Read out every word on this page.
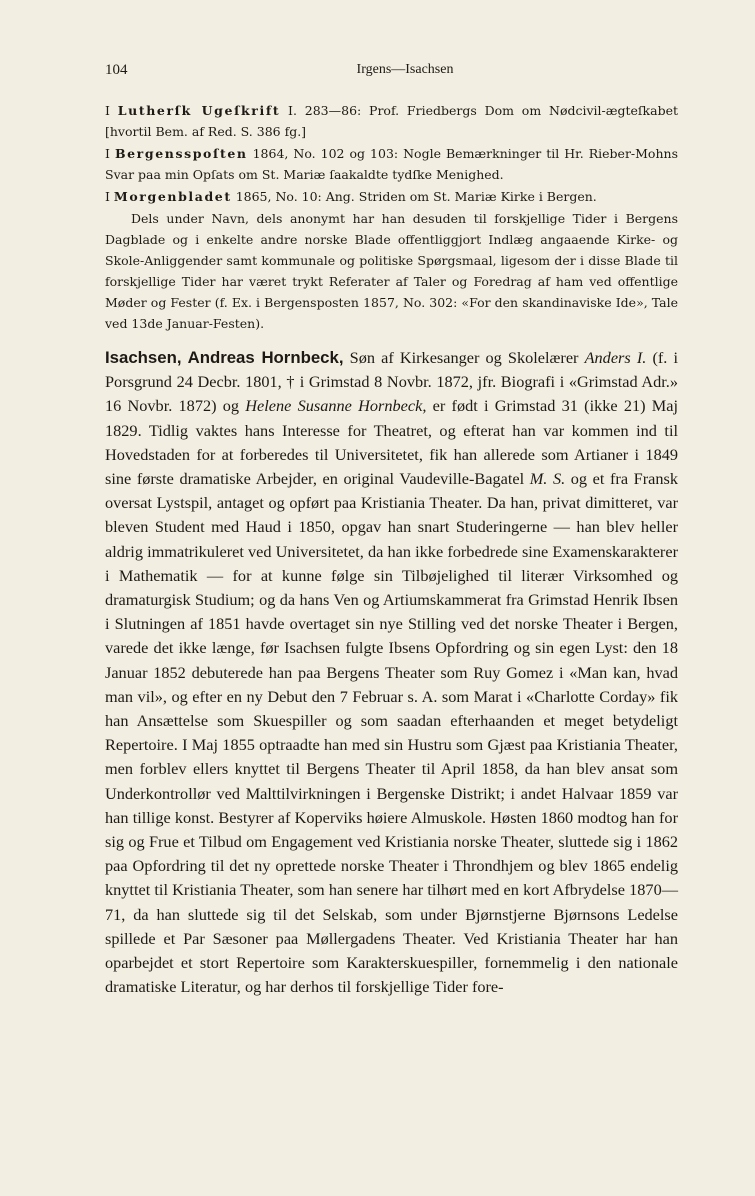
104	Irgens—Isachsen

I Lutherſk Ugeſkrift I. 283—86: Prof. Friedbergs Dom om Nødcivil-ægteſkabet [hvortil Bem. af Red. S. 386 fg.]

I Bergensspoſten 1864, No. 102 og 103: Nogle Bemærkninger til Hr. Rieber-Mohns Svar paa min Opſats om St. Mariæ ſaakaldte tydſke Menighed.

I Morgenbladet 1865, No. 10: Ang. Striden om St. Mariæ Kirke i Bergen.

Dels under Navn, dels anonymt har han desuden til forskjellige Tider i Bergens Dagblade og i enkelte andre norske Blade offentliggjort Indlæg angaaende Kirke- og Skole-Anliggender samt kommunale og politiske Spørgsmaal, ligesom der i disse Blade til forskjellige Tider har været trykt Referater af Taler og Foredrag af ham ved offentlige Møder og Fester (f. Ex. i Bergensposten 1857, No. 302: «For den skandinaviske Ide», Tale ved 13de Januar-Festen).

Isachsen, Andreas Hornbeck, Søn af Kirkesanger og Skolelærer Anders I. (f. i Porsgrund 24 Decbr. 1801, † i Grimstad 8 Novbr. 1872, jfr. Biografi i «Grimstad Adr.» 16 Novbr. 1872) og Helene Susanne Hornbeck, er født i Grimstad 31 (ikke 21) Maj 1829. Tidlig vaktes hans Interesse for Theatret, og efterat han var kommen ind til Hovedstaden for at forberedes til Universitetet, fik han allerede som Artianer i 1849 sine første dramatiske Arbejder, en original Vaudeville-Bagatel M. S. og et fra Fransk oversat Lystspil, antaget og opført paa Kristiania Theater. Da han, privat dimitteret, var bleven Student med Haud i 1850, opgav han snart Studeringerne — han blev heller aldrig immatrikuleret ved Universitetet, da han ikke forbedrede sine Examenskarakterer i Mathematik — for at kunne følge sin Tilbøjelighed til literær Virksomhed og dramaturgisk Studium; og da hans Ven og Artiumskammerat fra Grimstad Henrik Ibsen i Slutningen af 1851 havde overtaget sin nye Stilling ved det norske Theater i Bergen, varede det ikke længe, før Isachsen fulgte Ibsens Opfordring og sin egen Lyst: den 18 Januar 1852 debuterede han paa Bergens Theater som Ruy Gomez i «Man kan, hvad man vil», og efter en ny Debut den 7 Februar s. A. som Marat i «Charlotte Corday» fik han Ansættelse som Skuespiller og som saadan efterhaanden et meget betydeligt Repertoire. I Maj 1855 optraadte han med sin Hustru som Gjæst paa Kristiania Theater, men forblev ellers knyttet til Bergens Theater til April 1858, da han blev ansat som Underkontrollør ved Malttilvirkningen i Bergenske Distrikt; i andet Halvaar 1859 var han tillige konst. Bestyrer af Koperviks høiere Almuskole. Høsten 1860 modtog han for sig og Frue et Tilbud om Engagement ved Kristiania norske Theater, sluttede sig i 1862 paa Opfordring til det ny oprettede norske Theater i Throndhjem og blev 1865 endelig knyttet til Kristiania Theater, som han senere har tilhørt med en kort Afbrydelse 1870—71, da han sluttede sig til det Selskab, som under Bjørnstjerne Bjørnsons Ledelse spillede et Par Sæsoner paa Møllergadens Theater. Ved Kristiania Theater har han oparbejdet et stort Repertoire som Karakterskuespiller, fornemmelig i den nationale dramatiske Literatur, og har derhos til forskjellige Tider fore-
